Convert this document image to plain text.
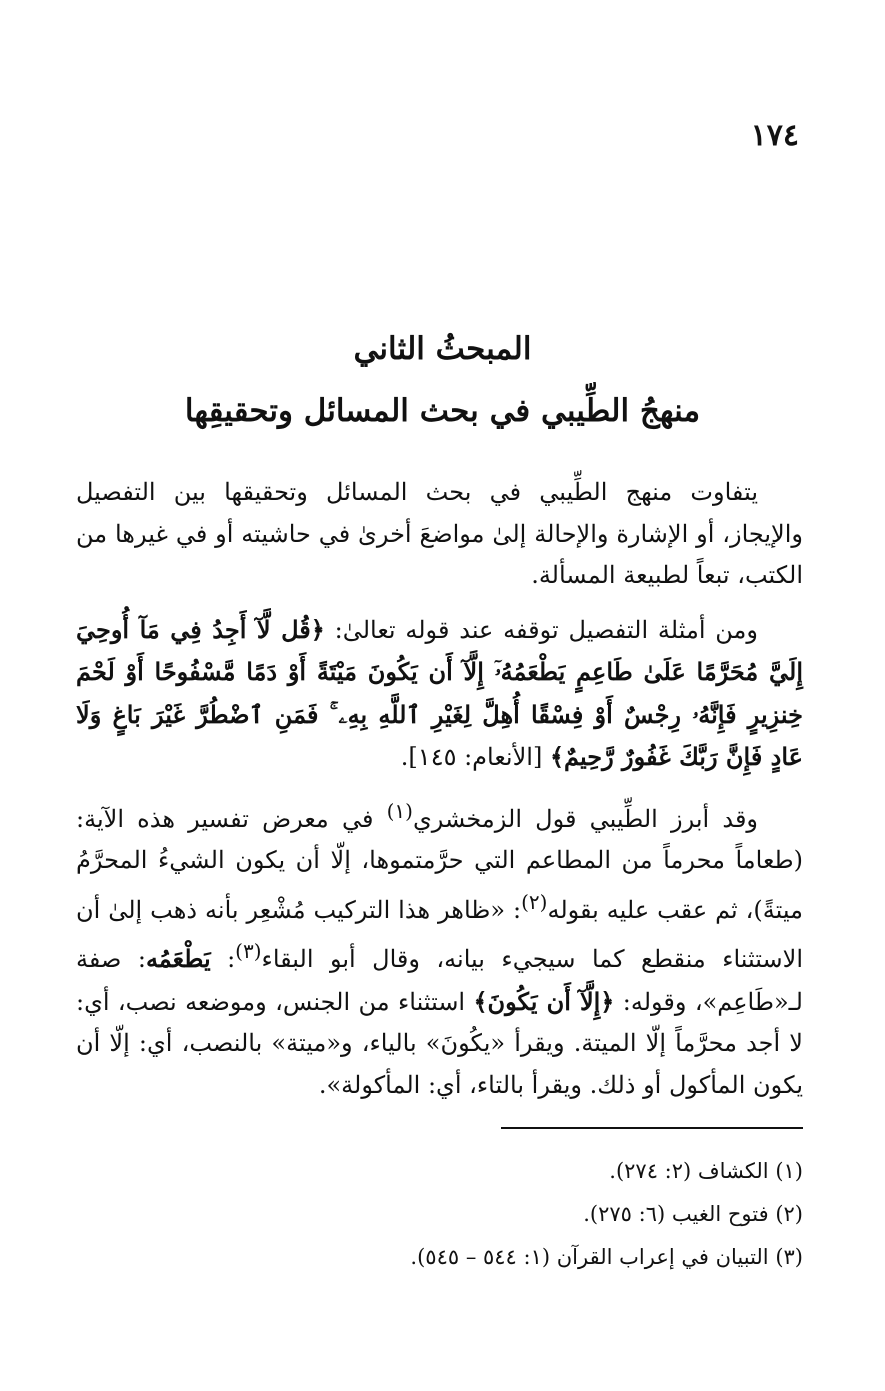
١٧٤

المبحثُ الثاني

منهجُ الطِّيبي في بحث المسائل وتحقيقِها

يتفاوت منهج الطِّيبي في بحث المسائل وتحقيقها بين التفصيل والإيجاز، أو الإشارة والإحالة إلىٰ مواضعَ أخرىٰ في حاشيته أو في غيرها من الكتب، تبعاً لطبيعة المسألة.

ومن أمثلة التفصيل توقفه عند قوله تعالىٰ: ﴿قُل لَّآ أَجِدُ فِي مَآ أُوحِيَ إِلَيَّ مُحَرَّمًا عَلَىٰ طَاعِمٍ يَطْعَمُهُۥٓ إِلَّآ أَن يَكُونَ مَيْتَةً أَوْ دَمًا مَّسْفُوحًا أَوْ لَحْمَ خِنزِيرٍ فَإِنَّهُۥ رِجْسٌ أَوْ فِسْقًا أُهِلَّ لِغَيْرِ ٱللَّهِ بِهِۦ ۚ فَمَنِ ٱضْطُرَّ غَيْرَ بَاغٍ وَلَا عَادٍ فَإِنَّ رَبَّكَ غَفُورٌ رَّحِيمٌ﴾ [الأنعام: ١٤٥].

وقد أبرز الطِّيبي قول الزمخشري$^{(١)}$ في معرض تفسير هذه الآية: (طعاماً محرماً من المطاعم التي حرَّمتموها، إلّا أن يكون الشيءُ المحرَّمُ ميتةً)، ثم عقب عليه بقوله$^{(٢)}$: «ظاهر هذا التركيب مُشْعِر بأنه ذهب إلىٰ أن الاستثناء منقطع كما سيجيء بيانه، وقال أبو البقاء$^{(٣)}$: يَطْعَمُه: صفة لـ«طَاعِم»، وقوله: ﴿إِلَّآ أَن يَكُونَ﴾ استثناء من الجنس، وموضعه نصب، أي: لا أجد محرَّماً إلّا الميتة. ويقرأ «يكُونَ» بالياء، و«ميتة» بالنصب، أي: إلّا أن يكون المأكول أو ذلك. ويقرأ بالتاء، أي: المأكولة».

(١) الكشاف (٢: ٢٧٤).

(٢) فتوح الغيب (٦: ٢٧٥).

(٣) التبيان في إعراب القرآن (١: ٥٤٤ – ٥٤٥).
